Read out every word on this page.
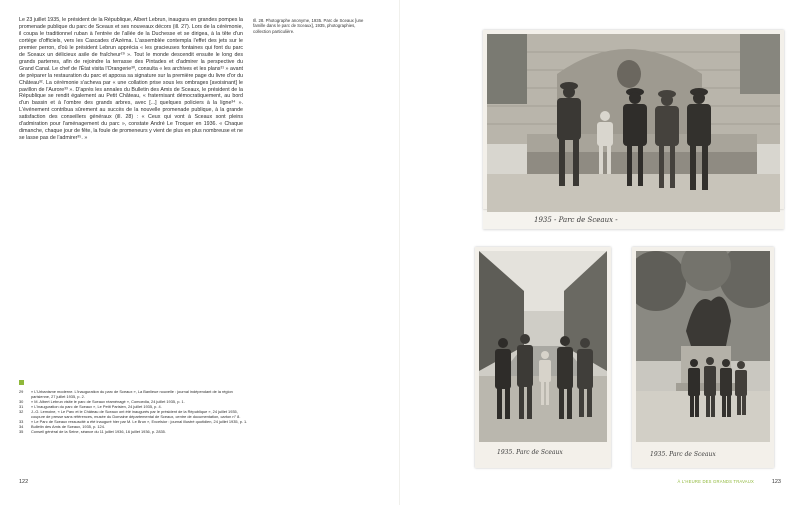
Le 23 juillet 1935, le président de la République, Albert Lebrun, inaugura en grandes pompes la promenade publique du parc de Sceaux et ses nouveaux décors (ill. 27). Lors de la cérémonie, il coupa le traditionnel ruban à l'entrée de l'allée de la Duchesse et se dirigea, à la tête d'un cortège d'officiels, vers les Cascades d'Azéma. L'assemblée contempla l'effet des jets sur le premier perron, d'où le président Lebrun apprécia « les gracieuses fontaines qui font du parc de Sceaux un délicieux asile de fraîcheur²⁹ ». Tout le monde descendit ensuite le long des grands parterres, afin de rejoindre la terrasse des Pintades et d'admirer la perspective du Grand Canal. Le chef de l'État visita l'Orangerie³⁰, consulta « les archives et les plans³¹ » avant de préparer la restauration du parc et apposa sa signature sur la première page du livre d'or du Château³². La cérémonie s'acheva par « une collation prise sous les ombrages [avoisinant] le pavillon de l'Aurore³³ ». D'après les annales du Bulletin des Amis de Sceaux, le président de la République se rendit également au Petit Château, « fraternisant démocratiquement, au bord d'un bassin et à l'ombre des grands arbres, avec [...] quelques policiers à la ligne³⁴ ». L'événement contribua sûrement au succès de la nouvelle promenade publique, à la grande satisfaction des conseillers généraux (ill. 28) : « Ceux qui vont à Sceaux sont pleins d'admiration pour l'aménagement du parc », constate André Le Troquer en 1936. « Chaque dimanche, chaque jour de fête, la foule de promeneurs y vient de plus en plus nombreuse et ne se lasse pas de l'admirer³⁵. »

29	« L'Urbanisme moderne. L'inauguration du parc de Sceaux », La Banlieue nouvelle : journal indépendant de la région parisienne, 27 juillet 1935, p. 2.
30	« M. Albert Lebrun visite le parc de Sceaux réaménagé », Comoedia, 24 juillet 1935, p. 1.
31	« L'inauguration du parc de Sceaux », Le Petit Parisien, 24 juillet 1935, p. 4.
32	J.-G. Lemoine, « Le Parc et le Château de Sceaux ont été inaugurés par le président de la République », 24 juillet 1935, coupure de presse sans références, musée du Domaine départemental de Sceaux, centre de documentation, carton n° 8.
33	« Le Parc de Sceaux ressuscité a été inauguré hier par M. Le Brun », Excelsior : journal illustré quotidien, 24 juillet 1935, p. 1.
34	Bulletin des Amis de Sceaux, 1935, p. 124.
35	Conseil général de la Seine, séance du 11 juillet 1936, 16 juillet 1936, p. 2835.
122

Ill. 28. Photographe anonyme, 1935. Parc de Sceaux [une famille dans le parc de Sceaux], 1935, photographies, collection particulière.

1935 - Parc de Sceaux -
1935. Parc de Sceaux	1935. Parc de Sceaux
À L'HEURE DES GRANDS TRAVAUX	123
